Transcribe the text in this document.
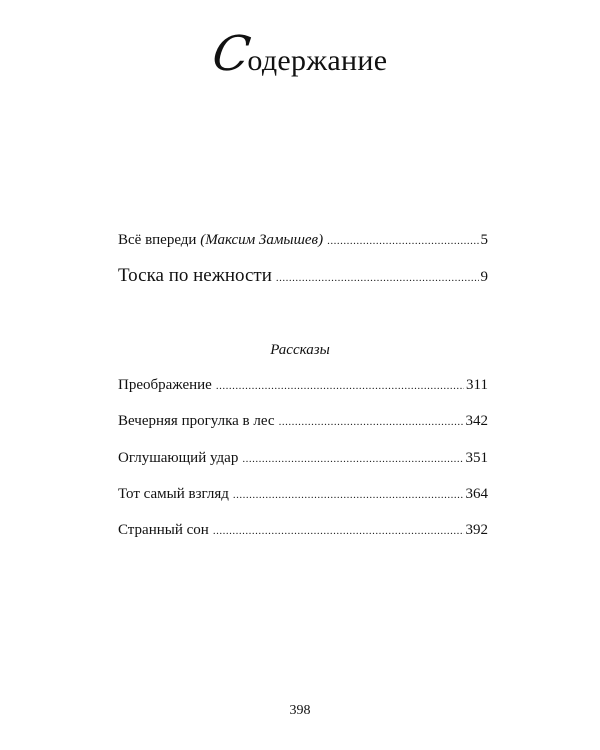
Содержание
Всё впереди (Максим Замышев) .....	5
Тоска по нежности .....	9
Рассказы
Преображение .....	311
Вечерняя прогулка в лес .....	342
Оглушающий удар .....	351
Тот самый взгляд .....	364
Странный сон .....	392
398
